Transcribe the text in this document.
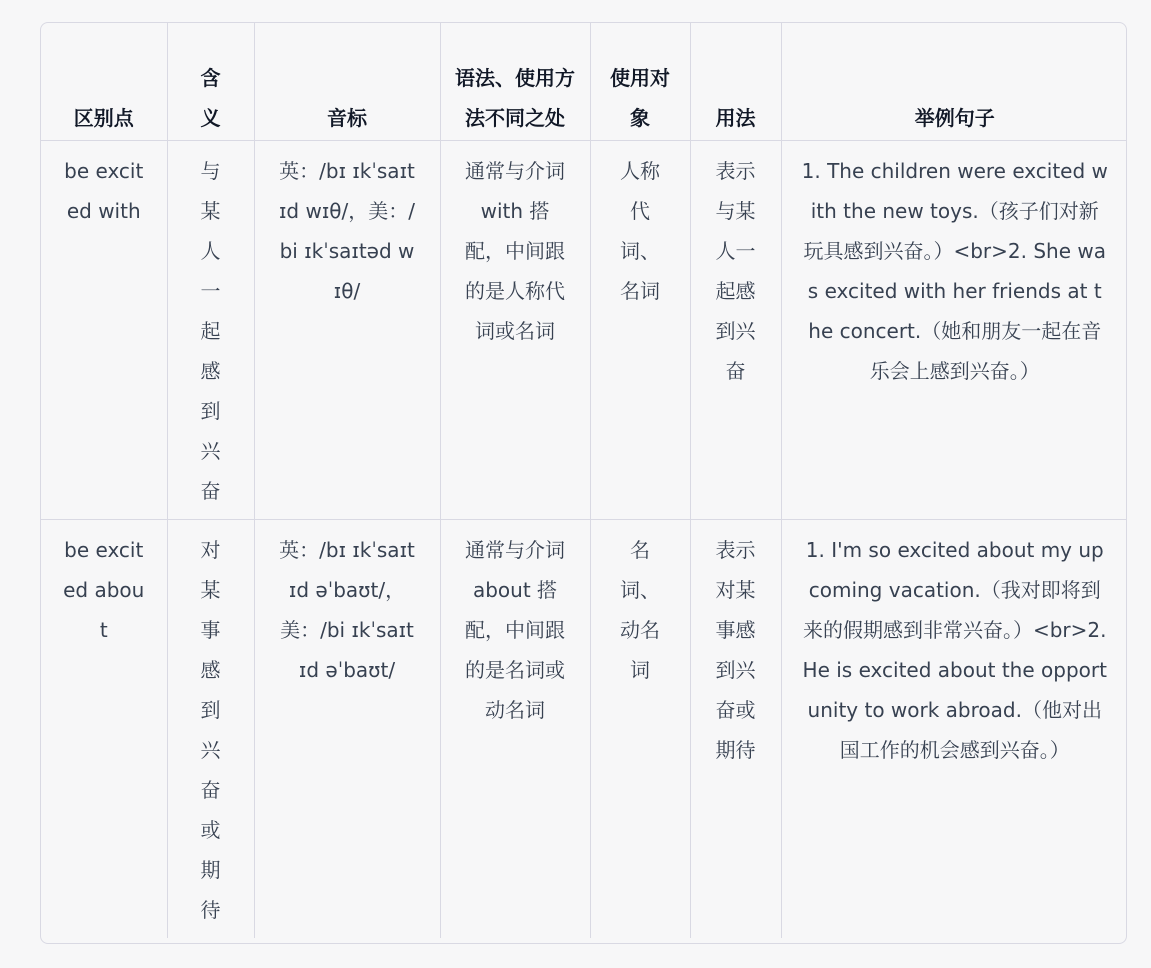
区别点	含义	音标	语法、使用方法不同之处	使用对象	用法	举例句子
be excited with	与某人一起感到兴奋	英：/bɪ ɪkˈsaɪtɪd wɪθ/，美：/bi ɪkˈsaɪtəd wɪθ/	通常与介词 with 搭配，中间跟的是人称代词或名词	人称代词、名词	表示与某人一起感到兴奋	1. The children were excited with the new toys.（孩子们对新玩具感到兴奋。）<br>2. She was excited with her friends at the concert.（她和朋友一起在音乐会上感到兴奋。）
be excited about	对某事感到兴奋或期待	英：/bɪ ɪkˈsaɪtɪd əˈbaʊt/，美：/bi ɪkˈsaɪtɪd əˈbaʊt/	通常与介词 about 搭配，中间跟的是名词或动名词	名词、动名词	表示对某事感到兴奋或期待	1. I'm so excited about my upcoming vacation.（我对即将到来的假期感到非常兴奋。）<br>2. He is excited about the opportunity to work abroad.（他对出国工作的机会感到兴奋。）
